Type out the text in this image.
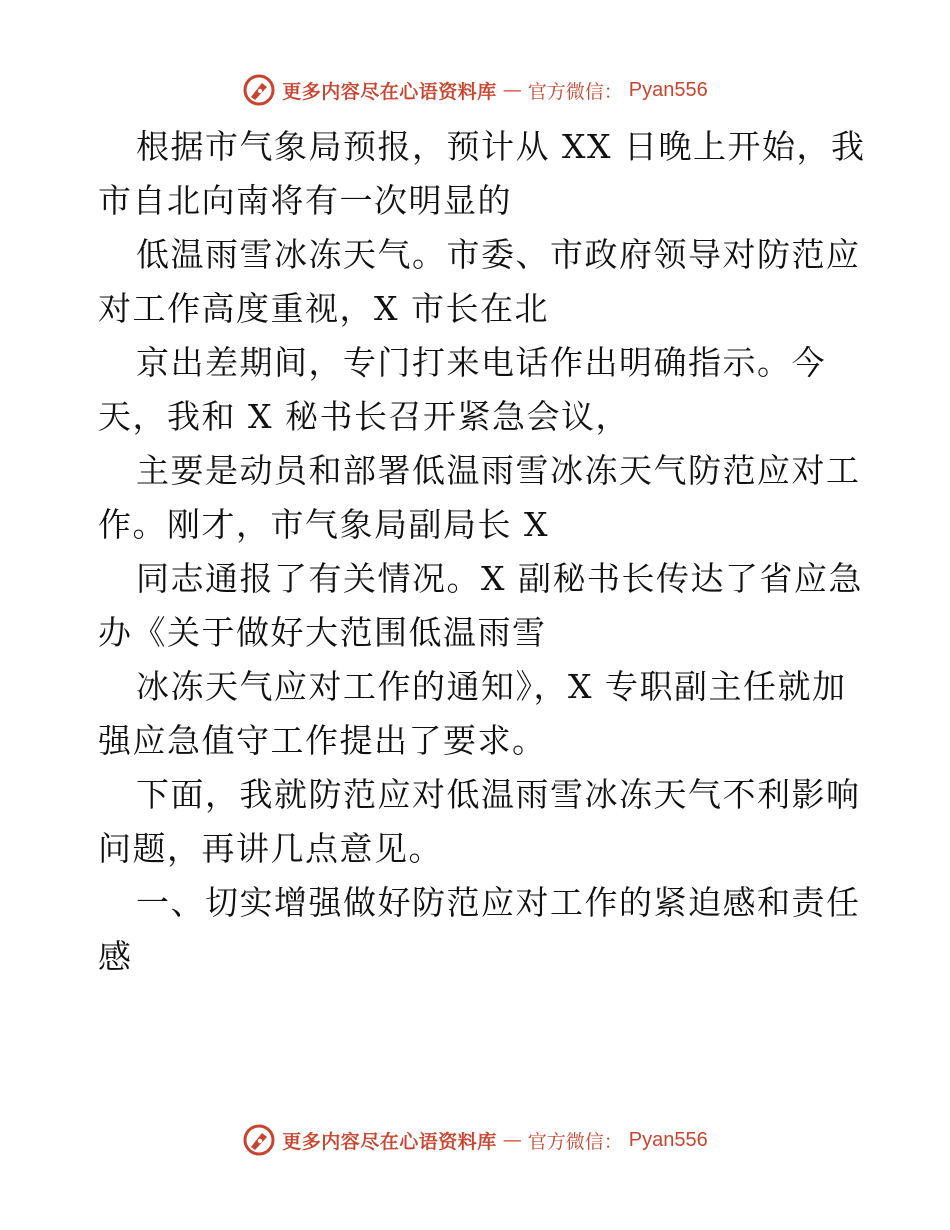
更多内容尽在心语资料库 — 官方微信： Pyan556
根据市气象局预报，预计从 XX 日晚上开始，我
市自北向南将有一次明显的
低温雨雪冰冻天气。市委、市政府领导对防范应
对工作高度重视，X 市长在北
京出差期间，专门打来电话作出明确指示。今
天，我和 X 秘书长召开紧急会议，
主要是动员和部署低温雨雪冰冻天气防范应对工
作。刚才，市气象局副局长 X
同志通报了有关情况。X 副秘书长传达了省应急
办《关于做好大范围低温雨雪
冰冻天气应对工作的通知》，X 专职副主任就加
强应急值守工作提出了要求。
下面，我就防范应对低温雨雪冰冻天气不利影响
问题，再讲几点意见。
一、切实增强做好防范应对工作的紧迫感和责任
感
更多内容尽在心语资料库 — 官方微信： Pyan556
